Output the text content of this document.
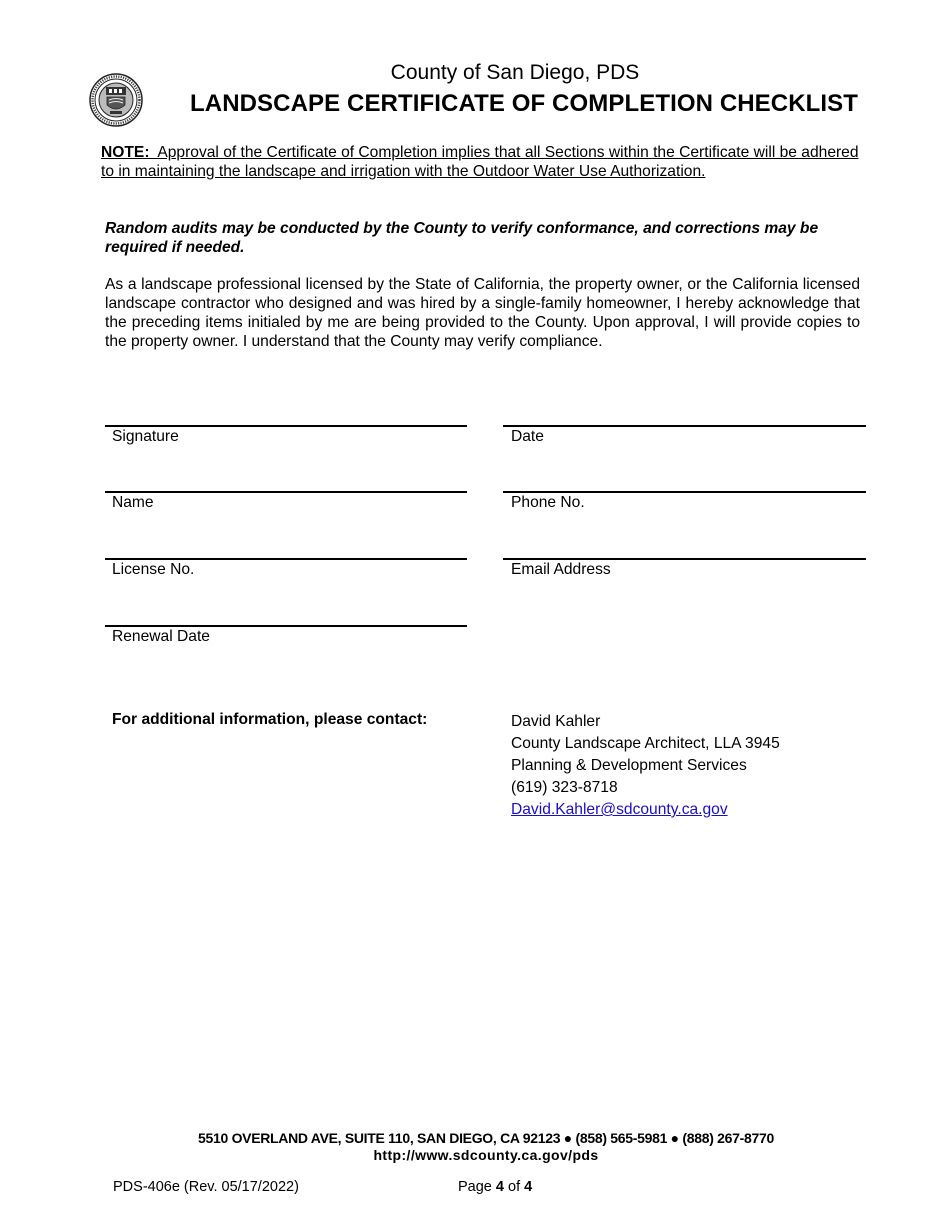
County of San Diego, PDS
LANDSCAPE CERTIFICATE OF COMPLETION CHECKLIST
NOTE: Approval of the Certificate of Completion implies that all Sections within the Certificate will be adhered to in maintaining the landscape and irrigation with the Outdoor Water Use Authorization.
Random audits may be conducted by the County to verify conformance, and corrections may be required if needed.
As a landscape professional licensed by the State of California, the property owner, or the California licensed landscape contractor who designed and was hired by a single-family homeowner, I hereby acknowledge that the preceding items initialed by me are being provided to the County. Upon approval, I will provide copies to the property owner. I understand that the County may verify compliance.
Signature	Date
Name	Phone No.
License No.	Email Address
Renewal Date
For additional information, please contact:	David Kahler
County Landscape Architect, LLA 3945
Planning & Development Services
(619) 323-8718
David.Kahler@sdcounty.ca.gov
5510 OVERLAND AVE, SUITE 110, SAN DIEGO, CA 92123 ● (858) 565-5981 ● (888) 267-8770
http://www.sdcounty.ca.gov/pds
PDS-406e (Rev. 05/17/2022)	Page 4 of 4
